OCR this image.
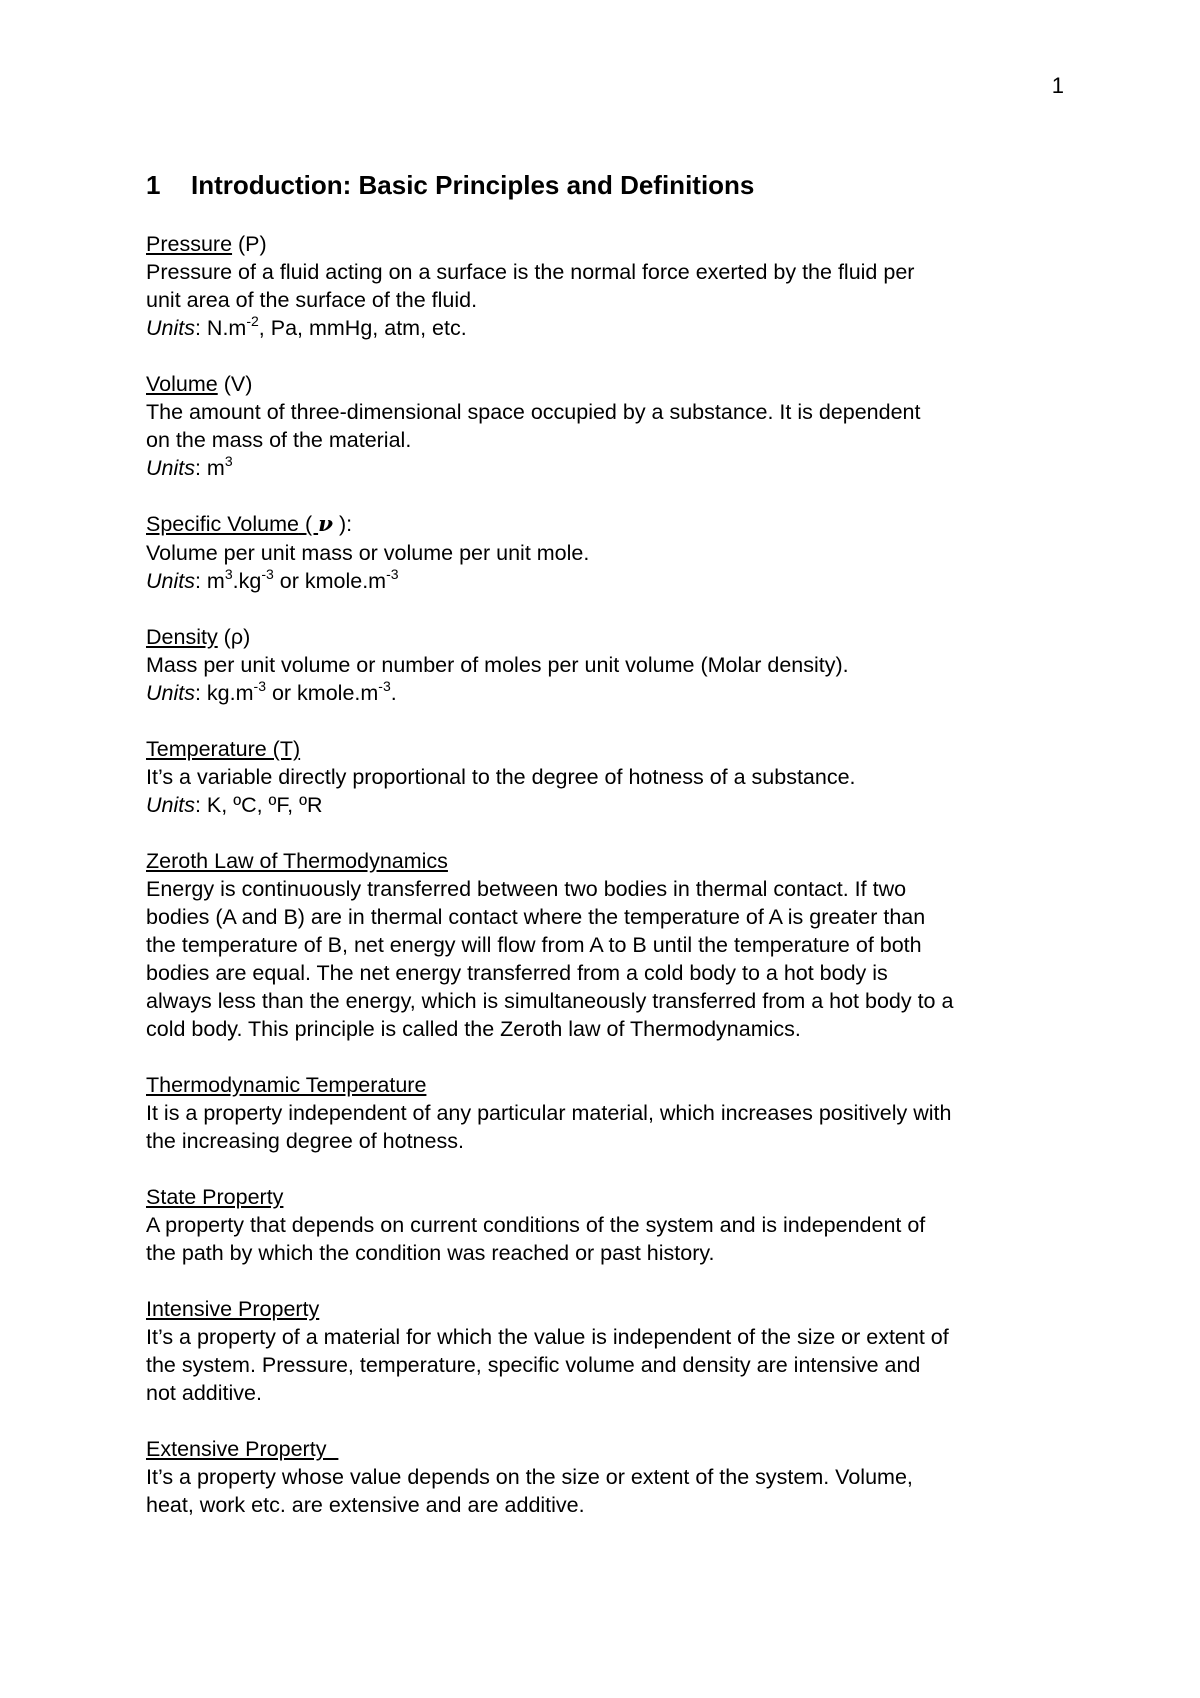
1
1	Introduction: Basic Principles and Definitions
Pressure (P)
Pressure of a fluid acting on a surface is the normal force exerted by the fluid per
unit area of the surface of the fluid.
Units: $N.m^{-2}$, Pa, mmHg, atm, etc.
Volume (V)
The amount of three-dimensional space occupied by a substance. It is dependent
on the mass of the material.
Units: $m^3$
Specific Volume ( ν ):
Volume per unit mass or volume per unit mole.
Units: $m^3.kg^{-3}$ or $kmole.m^{-3}$
Density (ρ)
Mass per unit volume or number of moles per unit volume (Molar density).
Units: $kg.m^{-3}$ or $kmole.m^{-3}$.
Temperature (T)
It’s a variable directly proportional to the degree of hotness of a substance.
Units: K, ºC, ºF, ºR
Zeroth Law of Thermodynamics
Energy is continuously transferred between two bodies in thermal contact. If two
bodies (A and B) are in thermal contact where the temperature of A is greater than
the temperature of B, net energy will flow from A to B until the temperature of both
bodies are equal. The net energy transferred from a cold body to a hot body is
always less than the energy, which is simultaneously transferred from a hot body to a
cold body. This principle is called the Zeroth law of Thermodynamics.
Thermodynamic Temperature
It is a property independent of any particular material, which increases positively with
the increasing degree of hotness.
State Property
A property that depends on current conditions of the system and is independent of
the path by which the condition was reached or past history.
Intensive Property
It’s a property of a material for which the value is independent of the size or extent of
the system. Pressure, temperature, specific volume and density are intensive and
not additive.
Extensive Property
It’s a property whose value depends on the size or extent of the system. Volume,
heat, work etc. are extensive and are additive.
